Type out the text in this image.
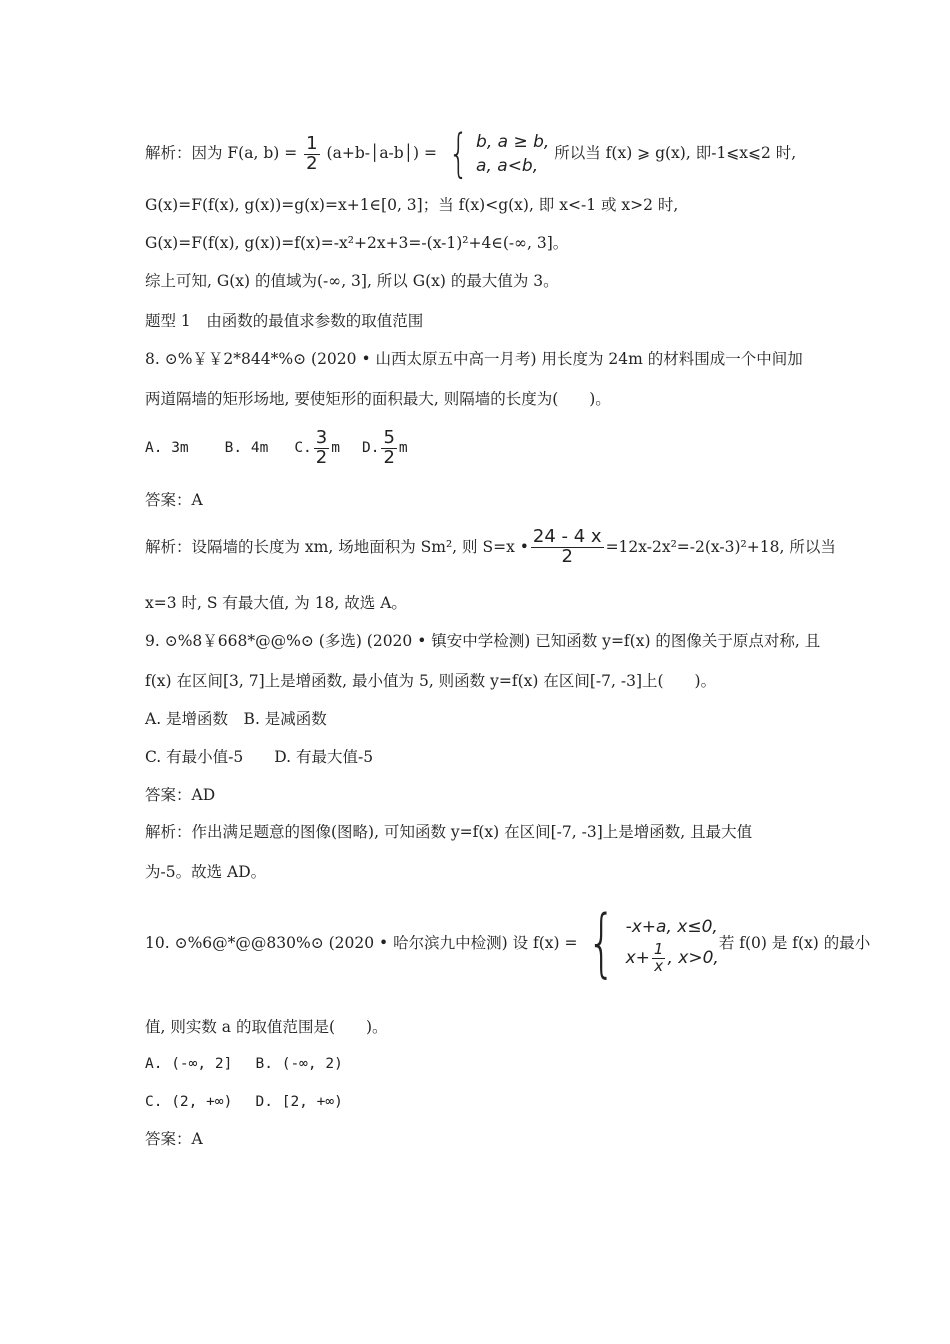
解析：因为 F(a, $b) = \frac{1}{2}$ (a+b-│a-b│) = { b, a ≥ b,
a, a<b,
所以当 f(x) ⩾ g(x), 即-1⩽x⩽2 时,
G(x)=F(f(x), g(x))=g(x)=x+1∈[0, 3]；当 f(x)<g(x), 即 x<-1 或 x>2 时,
G(x)=F(f(x), g(x))=f(x)=-x²+2x+3=-(x-1)²+4∈(-∞, 3]。
综上可知, G(x) 的值域为(-∞, 3], 所以 G(x) 的最大值为 3。
题型 1　由函数的最值求参数的取值范围
8. ⊙%￥￥2*844*%⊙ (2020 • 山西太原五中高一月考) 用长度为 24m 的材料围成一个中间加
两道隔墙的矩形场地, 要使矩形的面积最大, 则隔墙的长度为(　　)。
A. 3m B. 4m C. $\frac{3}{2}$ m D. $\frac{5}{2}$ m
答案：A
解析：设隔墙的长度为 xm, 场地面积为 Sm², 则 S=x • $\frac{24 - 4 x}{2} =12x-2x^2=-2(x-3)^2+18$, 所以当
x=3 时, S 有最大值, 为 18, 故选 A。
9. ⊙%8￥668*@@%⊙ (多选) (2020 • 镇安中学检测) 已知函数 y=f(x) 的图像关于原点对称, 且
f(x) 在区间[3, 7]上是增函数, 最小值为 5, 则函数 y=f(x) 在区间[-7, -3]上(　　)。
A. 是增函数　B. 是减函数
C. 有最小值-5　　D. 有最大值-5
答案：AD
解析：作出满足题意的图像(图略), 可知函数 y=f(x) 在区间[-7, -3]上是增函数, 且最大值
为-5。故选 AD。
10. ⊙%6@*@@830%⊙ (2020 • 哈尔滨九中检测) 设 f(x) = { -x+a, x≤0,
$x+ \frac{1}{x}$ , x>0,
若 f(0) 是 f(x) 的最小
值, 则实数 a 的取值范围是(　　)。
A. (-∞, 2]　 B. (-∞, 2)
C. (2, +∞)　 D. [2, +∞)
答案：A
